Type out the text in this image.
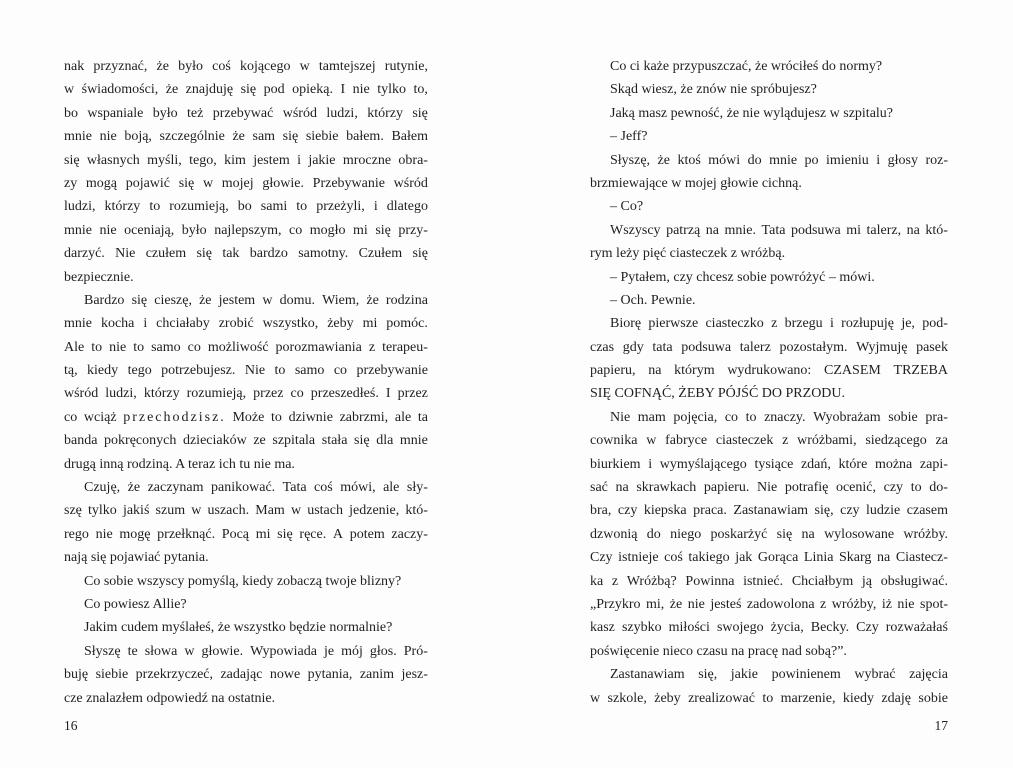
nak przyznać, że było coś kojącego w tamtejszej rutynie,
w świadomości, że znajduję się pod opieką. I nie tylko to,
bo wspaniale było też przebywać wśród ludzi, którzy się
mnie nie boją, szczególnie że sam się siebie bałem. Bałem
się własnych myśli, tego, kim jestem i jakie mroczne obra-
zy mogą pojawić się w mojej głowie. Przebywanie wśród
ludzi, którzy to rozumieją, bo sami to przeżyli, i dlatego
mnie nie oceniają, było najlepszym, co mogło mi się przy-
darzyć. Nie czułem się tak bardzo samotny. Czułem się
bezpiecznie.
Bardzo się cieszę, że jestem w domu. Wiem, że rodzina
mnie kocha i chciałaby zrobić wszystko, żeby mi pomóc.
Ale to nie to samo co możliwość porozmawiania z terapeu-
tą, kiedy tego potrzebujesz. Nie to samo co przebywanie
wśród ludzi, którzy rozumieją, przez co przeszedłeś. I przez
co wciąż przechodzisz. Może to dziwnie zabrzmi, ale ta
banda pokręconych dzieciaków ze szpitala stała się dla mnie
drugą inną rodziną. A teraz ich tu nie ma.
Czuję, że zaczynam panikować. Tata coś mówi, ale sły-
szę tylko jakiś szum w uszach. Mam w ustach jedzenie, któ-
rego nie mogę przełknąć. Pocą mi się ręce. A potem zaczy-
nają się pojawiać pytania.
Co sobie wszyscy pomyślą, kiedy zobaczą twoje blizny?
Co powiesz Allie?
Jakim cudem myślałeś, że wszystko będzie normalnie?
Słyszę te słowa w głowie. Wypowiada je mój głos. Pró-
buję siebie przekrzyczeć, zadając nowe pytania, zanim jesz-
cze znalazłem odpowiedź na ostatnie.
Co ci każe przypuszczać, że wróciłeś do normy?
Skąd wiesz, że znów nie spróbujesz?
Jaką masz pewność, że nie wylądujesz w szpitalu?
– Jeff?
Słyszę, że ktoś mówi do mnie po imieniu i głosy roz-
brzmiewające w mojej głowie cichną.
– Co?
Wszyscy patrzą na mnie. Tata podsuwa mi talerz, na któ-
rym leży pięć ciasteczek z wróżbą.
– Pytałem, czy chcesz sobie powróżyć – mówi.
– Och. Pewnie.
Biorę pierwsze ciasteczko z brzegu i rozłupuję je, pod-
czas gdy tata podsuwa talerz pozostałym. Wyjmuję pasek
papieru, na którym wydrukowano: CZASEM TRZEBA
SIĘ COFNĄĆ, ŻEBY PÓJŚĆ DO PRZODU.
Nie mam pojęcia, co to znaczy. Wyobrażam sobie pra-
cownika w fabryce ciasteczek z wróżbami, siedzącego za
biurkiem i wymyślającego tysiące zdań, które można zapi-
sać na skrawkach papieru. Nie potrafię ocenić, czy to do-
bra, czy kiepska praca. Zastanawiam się, czy ludzie czasem
dzwonią do niego poskarżyć się na wylosowane wróżby.
Czy istnieje coś takiego jak Gorąca Linia Skarg na Ciastecz-
ka z Wróżbą? Powinna istnieć. Chciałbym ją obsługiwać.
„Przykro mi, że nie jesteś zadowolona z wróżby, iż nie spot-
kasz szybko miłości swojego życia, Becky. Czy rozważałaś
poświęcenie nieco czasu na pracę nad sobą?”.
Zastanawiam się, jakie powinienem wybrać zajęcia
w szkole, żeby zrealizować to marzenie, kiedy zdaję sobie
16	17
